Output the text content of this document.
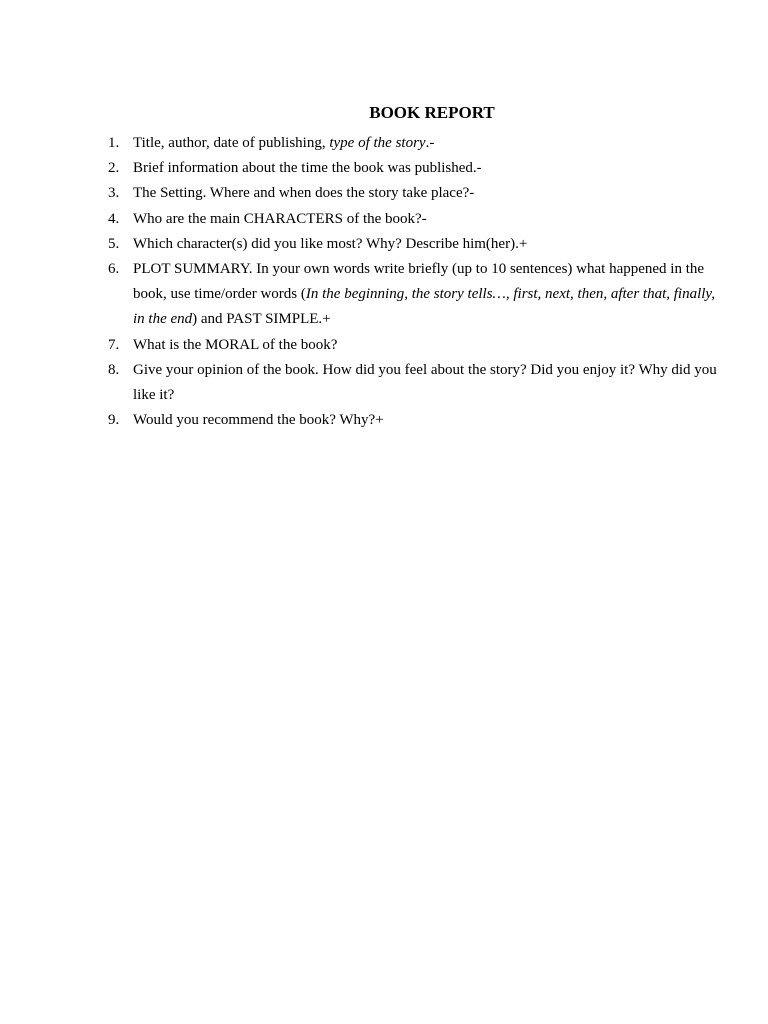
BOOK REPORT
1. Title, author, date of publishing, type of the story.-
2. Brief information about the time the book was published.-
3. The Setting. Where and when does the story take place?-
4. Who are the main CHARACTERS of the book?-
5. Which character(s) did you like most? Why? Describe him(her).+
6. PLOT SUMMARY. In your own words write briefly (up to 10 sentences) what happened in the book, use time/order words (In the beginning, the story tells…, first, next, then, after that, finally, in the end) and PAST SIMPLE.+
7. What is the MORAL of the book?
8. Give your opinion of the book. How did you feel about the story? Did you enjoy it? Why did you like it?
9. Would you recommend the book? Why?+
